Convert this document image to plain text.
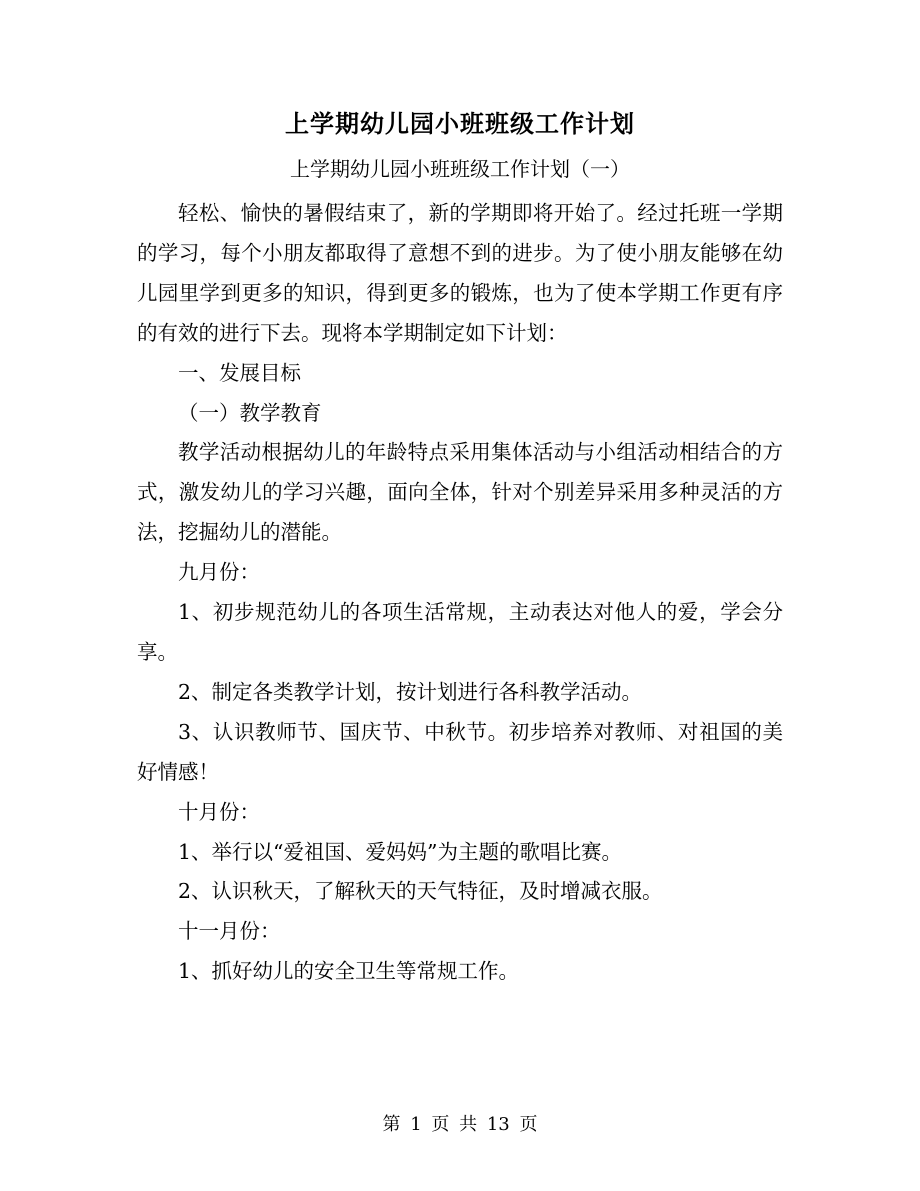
上学期幼儿园小班班级工作计划
上学期幼儿园小班班级工作计划（一）

轻松、愉快的暑假结束了，新的学期即将开始了。经过托班一学期的学习，每个小朋友都取得了意想不到的进步。为了使小朋友能够在幼儿园里学到更多的知识，得到更多的锻炼，也为了使本学期工作更有序的有效的进行下去。现将本学期制定如下计划：

一、发展目标

（一）教学教育

教学活动根据幼儿的年龄特点采用集体活动与小组活动相结合的方式，激发幼儿的学习兴趣，面向全体，针对个别差异采用多种灵活的方法，挖掘幼儿的潜能。

九月份：

1、初步规范幼儿的各项生活常规，主动表达对他人的爱，学会分享。

2、制定各类教学计划，按计划进行各科教学活动。

3、认识教师节、国庆节、中秋节。初步培养对教师、对祖国的美好情感！

十月份：

1、举行以“爱祖国、爱妈妈”为主题的歌唱比赛。

2、认识秋天，了解秋天的天气特征，及时增减衣服。

十一月份：

1、抓好幼儿的安全卫生等常规工作。

第 1 页 共 13 页
